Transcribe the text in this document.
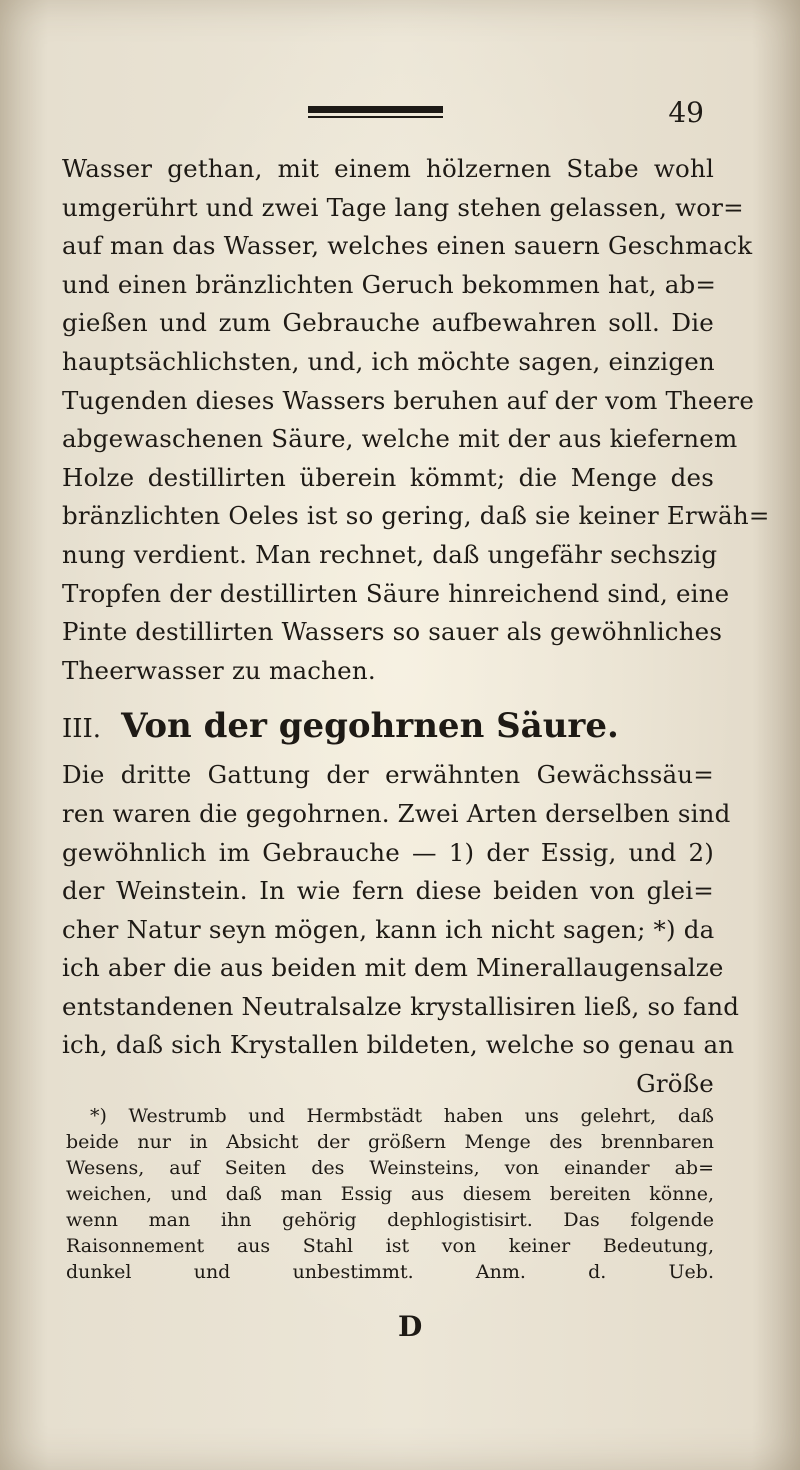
49
Wasser gethan, mit einem hölzernen Stabe wohl
umgerührt und zwei Tage lang stehen gelassen, wor=
auf man das Wasser, welches einen sauern Geschmack
und einen bränzlichten Geruch bekommen hat, ab=
gießen und zum Gebrauche aufbewahren soll. Die
hauptsächlichsten, und, ich möchte sagen, einzigen
Tugenden dieses Wassers beruhen auf der vom Theere
abgewaschenen Säure, welche mit der aus kiefernem
Holze destillirten überein kömmt; die Menge des
bränzlichten Oeles ist so gering, daß sie keiner Erwäh=
nung verdient. Man rechnet, daß ungefähr sechszig
Tropfen der destillirten Säure hinreichend sind, eine
Pinte destillirten Wassers so sauer als gewöhnliches
Theerwasser zu machen.
III. Von der gegohrnen Säure.
Die dritte Gattung der erwähnten Gewächssäu=
ren waren die gegohrnen. Zwei Arten derselben sind
gewöhnlich im Gebrauche — 1) der Essig, und 2)
der Weinstein. In wie fern diese beiden von glei=
cher Natur seyn mögen, kann ich nicht sagen; *) da
ich aber die aus beiden mit dem Minerallaugensalze
entstandenen Neutralsalze krystallisiren ließ, so fand
ich, daß sich Krystallen bildeten, welche so genau an
Größe
*) Westrumb und Hermbstädt haben uns gelehrt, daß
beide nur in Absicht der größern Menge des brennbaren
Wesens, auf Seiten des Weinsteins, von einander ab=
weichen, und daß man Essig aus diesem bereiten könne,
wenn man ihn gehörig dephlogistisirt. Das folgende
Raisonnement aus Stahl ist von keiner Bedeutung,
dunkel und unbestimmt. Anm. d. Ueb.
D
